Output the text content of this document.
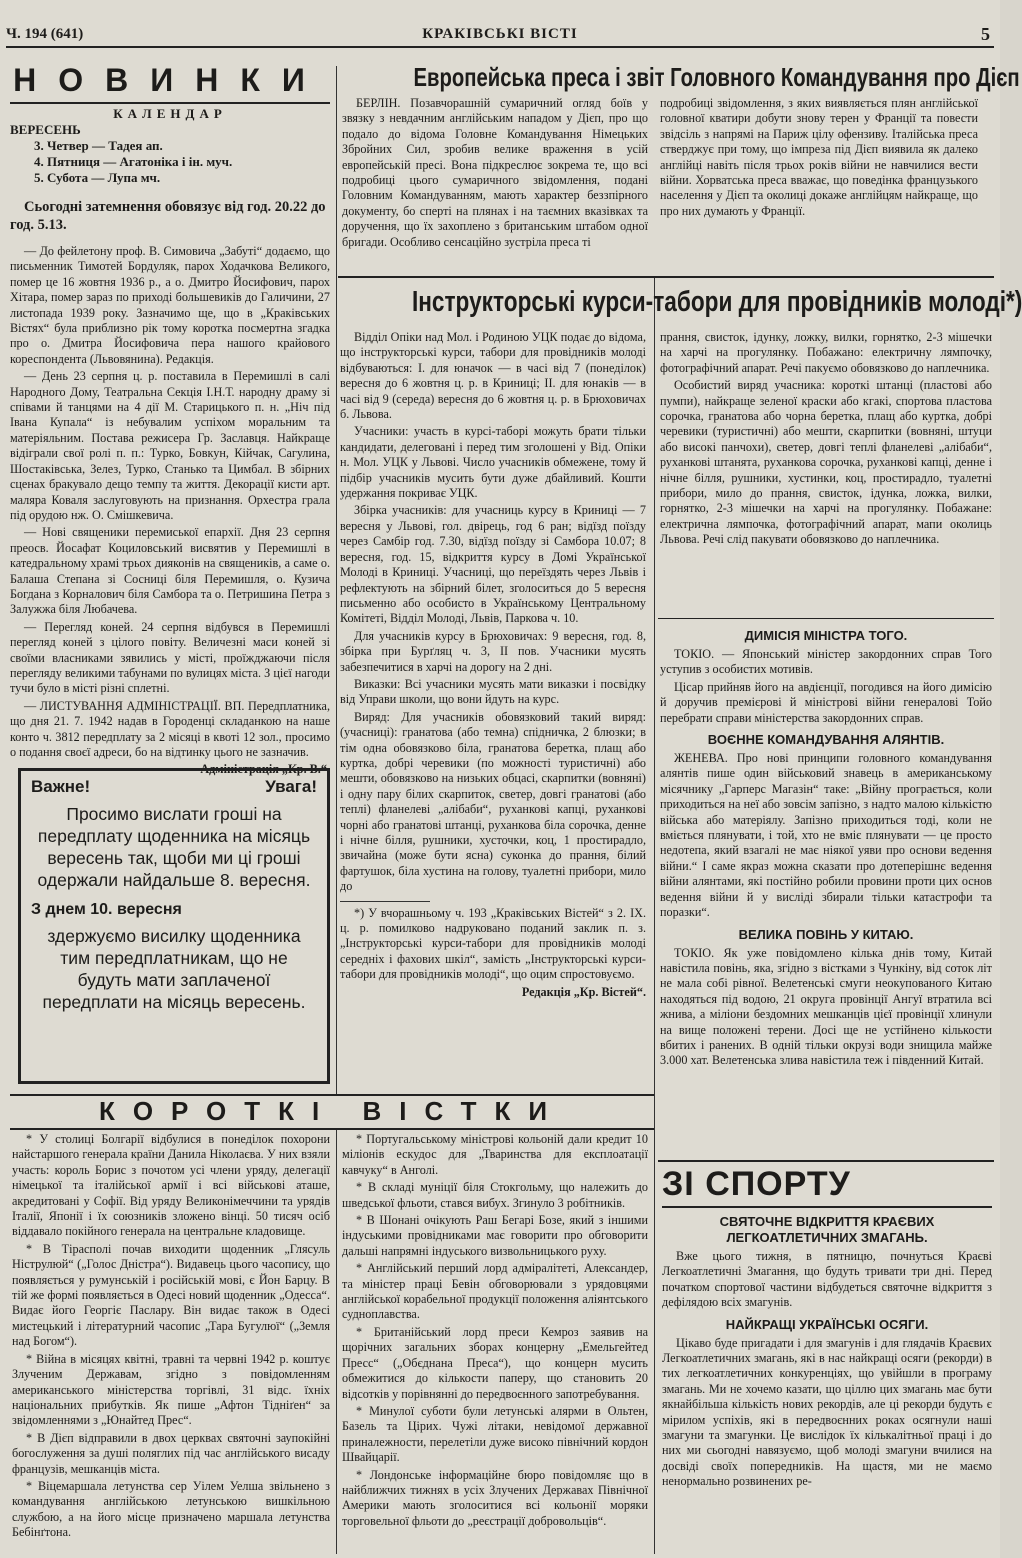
Ч. 194 (641)	КРАКІВСЬКІ ВІСТІ	5
НОВИНКИ
КАЛЕНДАР
ВЕРЕСЕНЬ
3. Четвер — Тадея ап.
4. Пятниця — Агатоніка і ін. муч.
5. Субота — Лупа мч.
Сьогодні затемнення обовязує від год. 20.22 до год. 5.13.
— До фейлетону проф. В. Симовича „Забуті“ додаємо, що письменник Тимотей Бордуляк, парох Ходачкова Великого, помер це 16 жовтня 1936 р., а о. Дмитро Йосифович, парох Хітара, помер зараз по приході большевиків до Галичини, 27 листопада 1939 року. Зазначимо ще, що в „Краківських Вістях“ була приблизно рік тому коротка посмертна згадка про о. Дмитра Йосифовича пера нашого крайового кореспондента (Львовянина). Редакція.
— День 23 серпня ц. р. поставила в Перемишлі в салі Народного Дому, Театральна Секція І.Н.Т. народну драму зі співами й танцями на 4 дії М. Старицького п. н. „Ніч під Івана Купала“ із небувалим успіхом моральним та матеріяльним. Постава режисера Гр. Заславця. Найкраще відіграли свої ролі п. п.: Турко, Бовкун, Кійчак, Сагулина, Шостаківська, Зелез, Турко, Станько та Цимбал. В збірних сценах бракувало дещо темпу та життя. Декорації кисти арт. маляра Коваля заслуговують на признання. Орхестра грала під орудою нж. О. Смішкевича.
— Нові священики перемиської епархії. Дня 23 серпня преосв. Йосафат Коциловський висвятив у Перемишлі в катедральному храмі трьох дияконів на священиків, а саме о. Балаша Степана зі Сосниці біля Перемишля, о. Кузича Богдана з Корналович біля Самбора та о. Петришина Петра з Залужжа біля Любачева.
— Перегляд коней. 24 серпня відбувся в Перемишлі перегляд коней з цілого повіту. Величезні маси коней зі своїми власниками зявились у місті, проїжджаючи після перегляду великими табунами по вулицях міста. З цієї нагоди тучи було в місті різні сплетні.
— ЛИСТУВАННЯ АДМІНІСТРАЦІЇ. ВП. Передплатника, що дня 21. 7. 1942 надав в Городенці складанкою на наше конто ч. 3812 передплату за 2 місяці в квоті 12 зол., просимо о подання своєї адреси, бо на відтинку цього не зазначив.
Адміністрація „Кр. В.“.
Важне!	Увага!
Просимо вислати гроші на передплату щоденника на місяць вересень так, щоби ми ці гроші одержали найдальше 8. вересня.
З днем 10. вересня
здержуємо висилку щоденника тим передплатникам, що не будуть мати заплаченої передплати на місяць вересень.
Европейська преса і звіт Головного Командування про Дієп
БЕРЛІН. Позавчорашній сумаричний огляд боїв у звязку з невдачним англійським нападом у Дієп, про що подало до відома Головне Командування Німецьких Збройних Сил, зробив велике враження в усій европейській пресі. Вона підкреслює зокрема те, що всі подробиці цього сумаричного звідомлення, подані Головним Командуванням, мають характер беззпірного документу, бо сперті на плянах і на таємних вказівках та доручення, що їх захоплено з британським штабом одної бригади. Особливо сенсаційно зустріла преса ті
подробиці звідомлення, з яких виявляється плян англійської головної кватири добути знову терен у Франції та повести звідсіль з напрямі на Париж цілу офензиву. Італійська преса стверджує при тому, що імпреза під Дієп виявила як далеко англійці навіть після трьох років війни не навчилися вести війни. Хорватська преса вважає, що поведінка французького населення у Дієп та околиці докаже англійцям найкраще, що про них думають у Франції.
Інструкторські курси-табори для провідників молоді*)
Відділ Опіки над Мол. і Родиною УЦК подає до відома, що інструкторські курси, табори для провідників молоді відбуваються: І. для юначок — в часі від 7 (понеділок) вересня до 6 жовтня ц. р. в Криниці; ІІ. для юнаків — в часі від 9 (середа) вересня до 6 жовтня ц. р. в Брюховичах б. Львова.
Учасники: участь в курсі-таборі можуть брати тільки кандидати, делеговані і перед тим зголошені у Від. Опіки н. Мол. УЦК у Львові. Число учасників обмежене, тому й підбір учасників мусить бути дуже дбайливий. Кошти удержання покриває УЦК.
Збірка учасників: для учасниць курсу в Криниці — 7 вересня у Львові, гол. двірець, год 6 ран; відїзд поїзду через Самбір год. 7.30, відїзд поїзду зі Самбора 10.07; 8 вересня, год. 15, відкриття курсу в Домі Української Молоді в Криниці. Учасниці, що переїздять через Львів і рефлектують на збірний білет, зголоситься до 5 вересня письменно або особисто в Українському Центральному Комітеті, Відділ Молоді, Львів, Паркова ч. 10.
Для учасників курсу в Брюховичах: 9 вересня, год. 8, збірка при Бурґляц ч. 3, ІІ пов. Учасники мусять забезпечитися в харчі на дорогу на 2 дні.
Виказки: Всі учасники мусять мати виказки і посвідку від Управи школи, що вони йдуть на курс.
Виряд: Для учасників обовязковий такий виряд: (учасниці): гранатова (або темна) спідничка, 2 блюзки; в тім одна обовязково біла, гранатова беретка, плащ або куртка, добрі черевики (по можності туристичні) або мешти, обовязково на низьких обцасі, скарпитки (вовняні) і одну пару білих скарпиток, светер, довгі гранатові (або теплі) фланелеві „алібаби“, руханкові капці, руханкові чорні або гранатові штанці, руханкова біла сорочка, денне і нічне білля, рушники, хусточки, коц, 1 простирадло, звичайна (може бути ясна) суконка до прання, білий фартушок, біла хустина на голову, туалетні прибори, мило до
*) У вчорашньому ч. 193 „Краківських Вістей“ з 2. IX. ц. р. помилково надруковано поданий заклик п. з. „Інструкторські курси-табори для провідників молоді середніх і фахових шкіл“, замість „Інструкторські курси-табори для провідників молоді“, що оцим спростовуємо.
Редакція „Кр. Вістей“.
прання, свисток, ідунку, ложку, вилки, горнятко, 2-3 мішечки на харчі на прогулянку. Побажано: електричну лямпочку, фотографічний апарат. Речі пакуємо обовязково до наплечника.
Особистий виряд учасника: короткі штанці (пластові або пумпи), найкраще зеленої краски або кгакі, спортова пластова сорочка, гранатова або чорна беретка, плащ або куртка, добрі черевики (туристичні) або мешти, скарпитки (вовняні, штуци або високі панчохи), светер, довгі теплі фланелеві „алібаби“, руханкові штанята, руханкова сорочка, руханкові капці, денне і нічне білля, рушники, хустинки, коц, простирадло, туалетні прибори, мило до прання, свисток, ідунка, ложка, вилки, горнятко, 2-3 мішечки на харчі на прогулянку. Побажане: електрична лямпочка, фотографічний апарат, мапи околиць Львова. Речі слід пакувати обовязково до наплечника.
ДИМІСІЯ МІНІСТРА ТОГО.
ТОКІО. — Японський міністер закордонних справ Того уступив з особистих мотивів.
Цісар прийняв його на авдієнції, погодився на його димісію й доручив премієрові й міністрові війни генералові Тойо перебрати справи міністерства закордонних справ.
ВОЄННЕ КОМАНДУВАННЯ АЛЯНТІВ.
ЖЕНЕВА. Про нові принципи головного командування алянтів пише один військовий знавець в американському місячнику „Гарперс Магазін“ таке: „Війну програється, коли приходиться на неї або зовсім запізно, з надто малою кількістю війська або матеріялу. Запізно приходиться тоді, коли не вміється плянувати, і той, хто не вміє плянувати — це просто недотепа, який взагалі не має ніякої уяви про основи ведення війни.“ І саме якраз можна сказати про дотеперішнє ведення війни алянтами, які постійно робили провини проти цих основ ведення війни й у висліді збирали тільки катастрофи та поразки“.
ВЕЛИКА ПОВІНЬ У КИТАЮ.
ТОКІО. Як уже повідомлено кілька днів тому, Китай навістила повінь, яка, згідно з вістками з Чункіну, від соток літ не мала собі рівної. Велетенські смуги неокупованого Китаю находяться під водою, 21 округа провінції Ангуї втратила всі жнива, а міліони бездомних мешканців цієї провінції хлинули на вище положені терени. Досі ще не устійнено кількости вбитих і ранених. В одній тільки окрузі води знищила майже 3.000 хат. Велетенська злива навістила теж і південний Китай.
ЗІ СПОРТУ
СВЯТОЧНЕ ВІДКРИТТЯ КРАЄВИХ ЛЕГКОАТЛЕТИЧНИХ ЗМАГАНЬ.
Вже цього тижня, в пятницю, почнуться Краєві Легкоатлетичні Змагання, що будуть тривати три дні. Перед початком спортової частини відбудеться святочне відкриття з дефілядою всіх змагунів.
НАЙКРАЩІ УКРАЇНСЬКІ ОСЯГИ.
Цікаво буде пригадати і для змагунів і для глядачів Краєвих Легкоатлетичних змагань, які в нас найкращі осяги (рекорди) в тих легкоатлетичних конкуренціях, що увійшли в програму змагань. Ми не хочемо казати, що ціллю цих змагань має бути якнайбільша кількість нових рекордів, але ці рекорди будуть є мірилом успіхів, які в передвоєнних роках осягнули наші змагуни та змагунки. Це вислідок їх кількалітньої праці і до них ми сьогодні навязуємо, щоб молоді змагуни вчилися на досвіді своїх попередників. На щастя, ми не маємо ненормально розвинених ре-
КОРОТКІ ВІСТКИ
* У столиці Болгарії відбулися в понеділок похорони найстаршого генерала країни Данила Ніколаєва. У них взяли участь: король Борис з почотом усі члени уряду, делегації німецької та італійської армії і всі військові аташе, акредитовані у Софії. Від уряду Великонімеччини та урядів Італії, Японії і їх союзників зложено вінці. 50 тисяч осіб віддавало покійного генерала на центральне кладовище.
* В Тірасполі почав виходити щоденник „Глясуль Ніструлюй“ („Голос Дністра“). Видавець цього часопису, що появляється у румунській і російській мові, є Йон Барцу. В тій же формі появляється в Одесі новий щоденник „Одесса“. Видає його Георгіє Паслару. Він видає також в Одесі мистецький і літературний часопис „Тара Бугулюї“ („Земля над Богом“).
* Війна в місяцях квітні, травні та червні 1942 р. коштує Злученим Державам, згідно з повідомленням американського міністерства торгівлі, 31 відс. їхніх національних прибутків. Як пише „Афтон Тідніґен“ за звідомленнями з „Юнайтед Прес“.
* В Дієп відправили в двох церквах святочні заупокійні богослуження за душі поляглих під час англійського висаду французів, мешканців міста.
* Віцемаршала летунства сер Уілем Уелша звільнено з командування англійською летунською вишкільною службою, а на його місце призначено маршала летунства Бебінґтона.
* Португальському міністрові кольоній дали кредит 10 міліонів ескудос для „Тваринства для експлоатації кавчуку“ в Анголі.
* В складі муніції біля Стокгольму, що належить до шведської фльоти, стався вибух. Згинуло 3 робітників.
* В Шонані очікують Раш Бегарі Бозе, який з іншими індуськими провідниками має говорити про обговорити дальші напрямні індуського визвольницького руху.
* Англійський перший лорд адміралітеті, Александер, та міністер праці Бевін обговорювали з урядовцями англійської корабельної продукції положення аліянтського судноплавства.
* Британійський лорд преси Кемроз заявив на щорічних загальних зборах концерну „Емельгейтед Пресс“ („Обєднана Преса“), що концерн мусить обмежитися до кількости паперу, що становить 20 відсотків у порівнянні до передвоєнного запотребування.
* Минулої суботи були летунські алярми в Ольтен, Базель та Цірих. Чужі літаки, невідомої державної приналежности, перелетіли дуже високо північний кордон Швайцарії.
* Лондонське інформаційне бюро повідомляє що в найближчих тижнях в усіх Злучених Державах Північної Америки мають зголоситися всі кольонії моряки торговельної фльоти до „реєстрації добровольців“.
